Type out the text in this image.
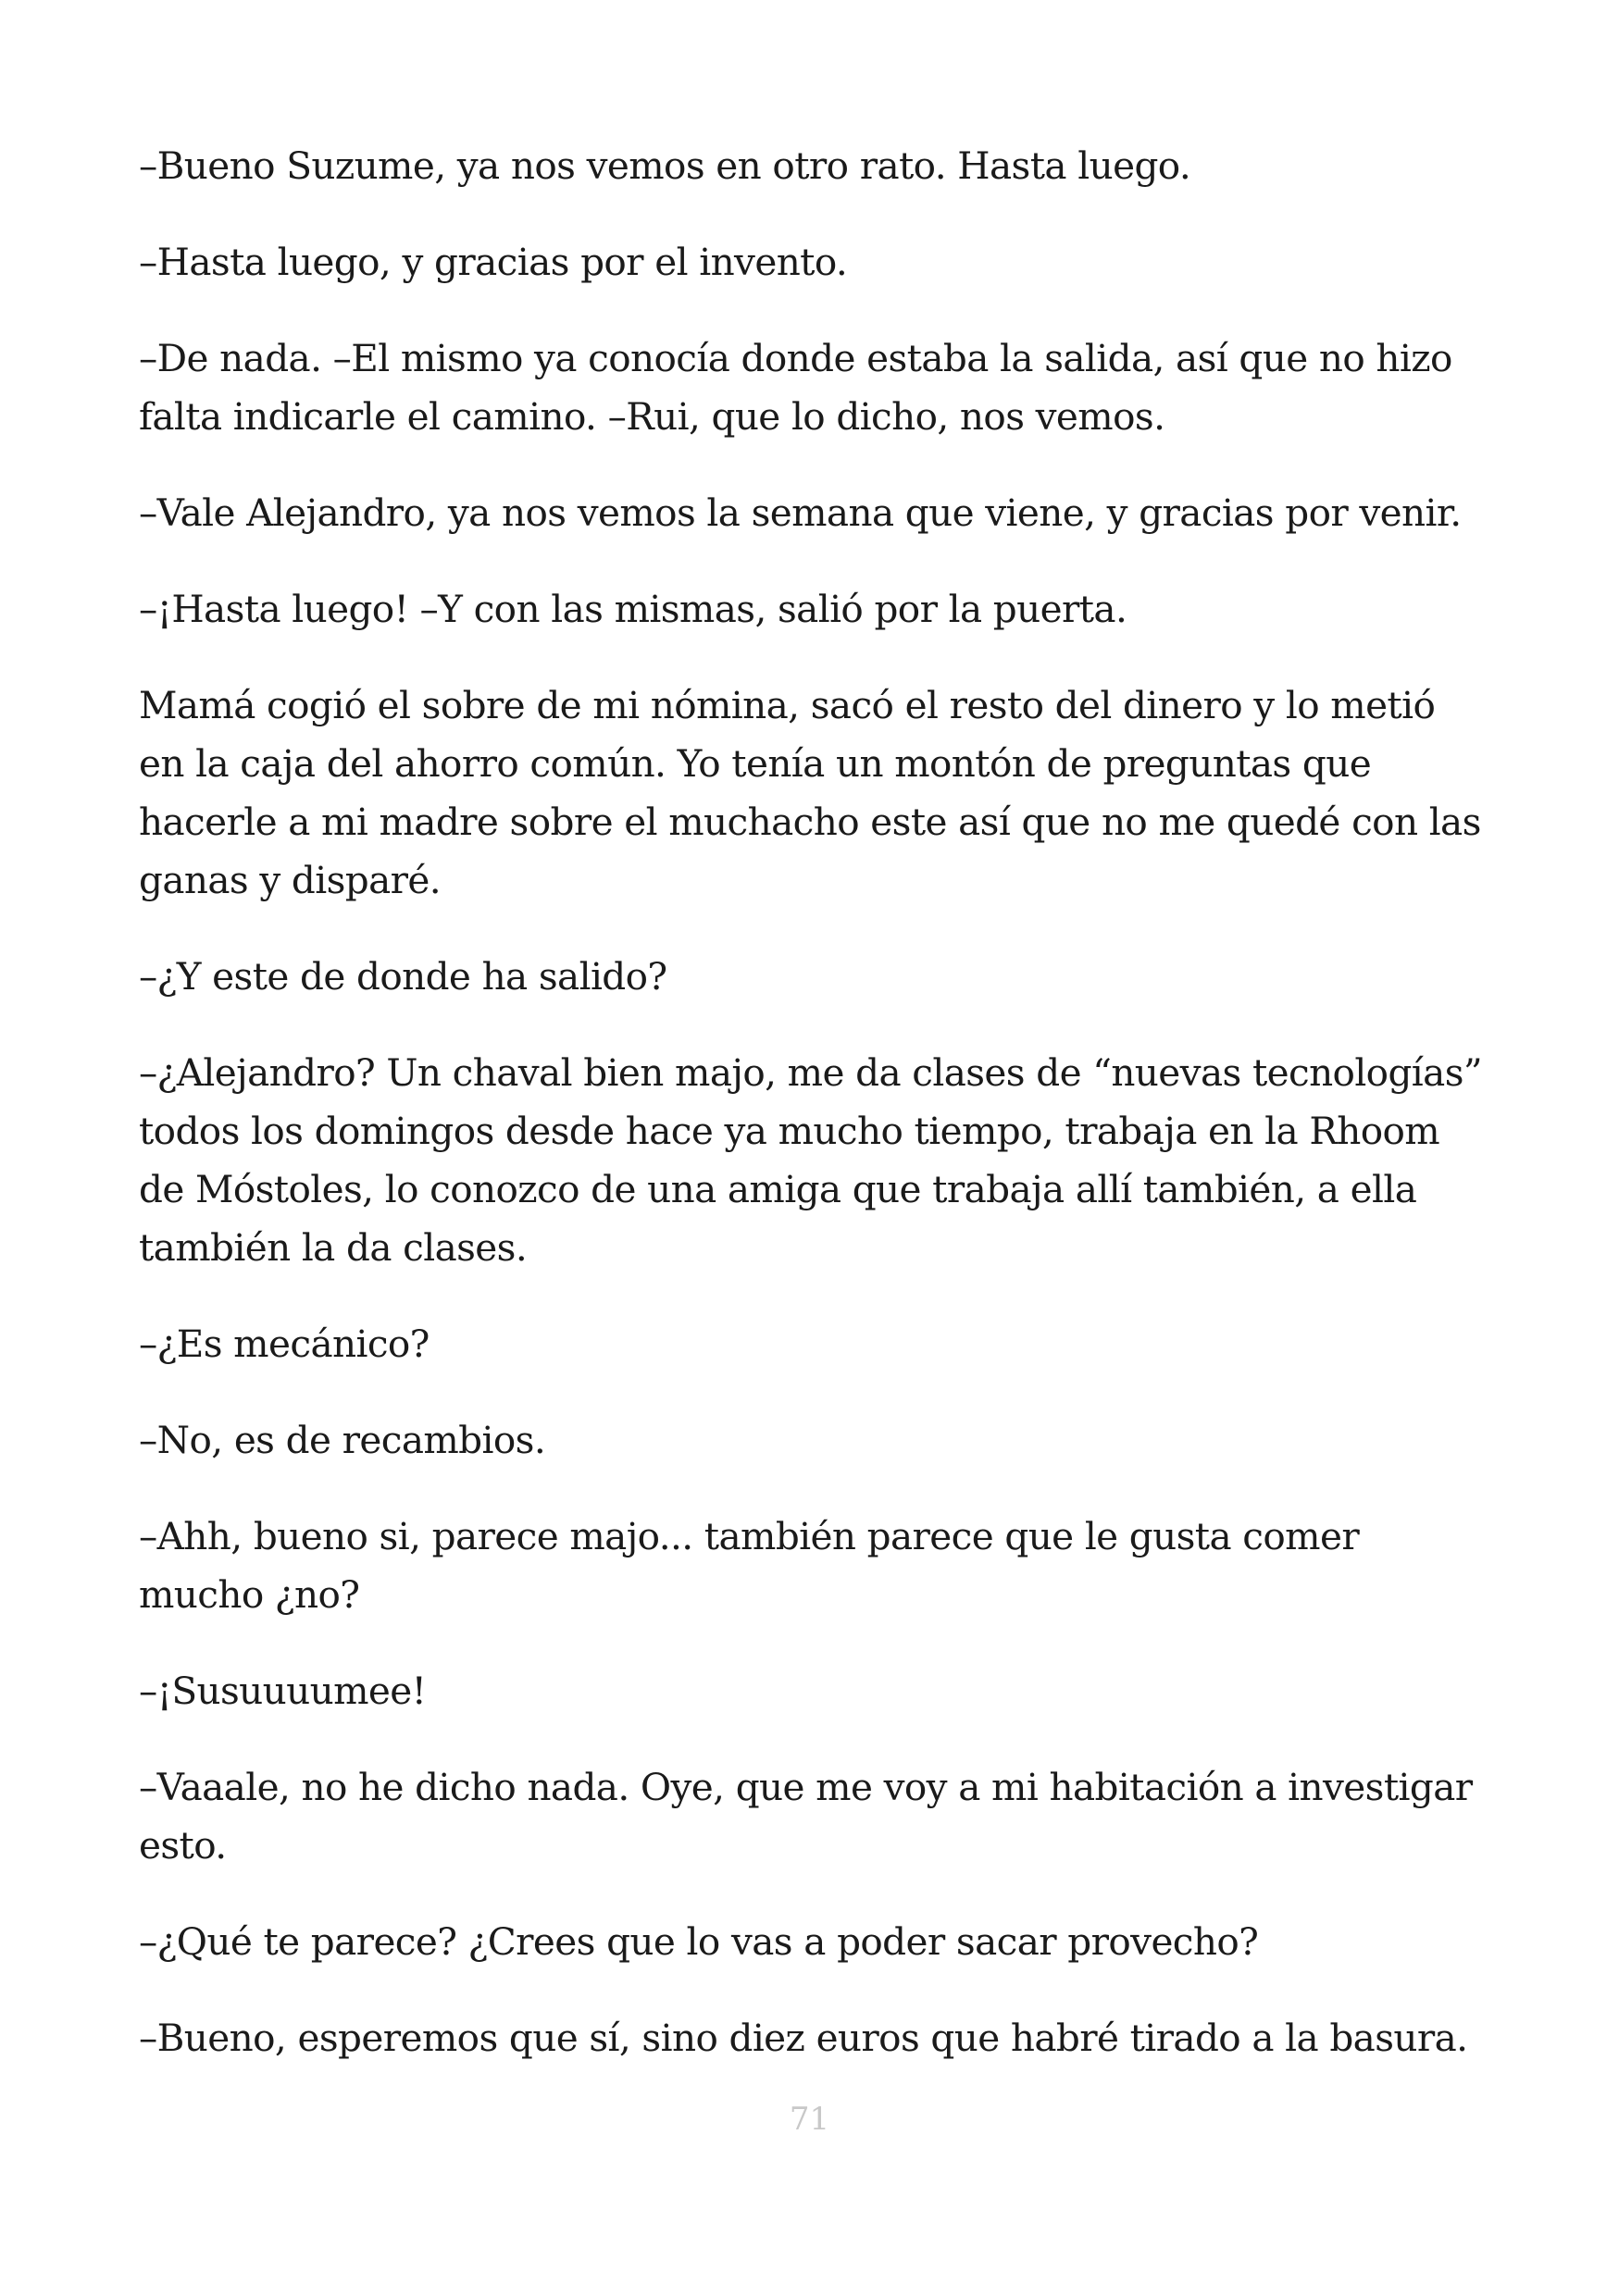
–Bueno Suzume, ya nos vemos en otro rato. Hasta luego.

–Hasta luego, y gracias por el invento.

–De nada. –El mismo ya conocía donde estaba la salida, así que no hizo falta indicarle el camino. –Rui, que lo dicho, nos vemos.

–Vale Alejandro, ya nos vemos la semana que viene, y gracias por venir.

–¡Hasta luego! –Y con las mismas, salió por la puerta.

Mamá cogió el sobre de mi nómina, sacó el resto del dinero y lo metió en la caja del ahorro común. Yo tenía un montón de preguntas que hacerle a mi madre sobre el muchacho este así que no me quedé con las ganas y disparé.

–¿Y este de donde ha salido?

–¿Alejandro? Un chaval bien majo, me da clases de “nuevas tecnologías” todos los domingos desde hace ya mucho tiempo, trabaja en la Rhoom de Móstoles, lo conozco de una amiga que trabaja allí también, a ella también la da clases.

–¿Es mecánico?

–No, es de recambios.

–Ahh, bueno si, parece majo... también parece que le gusta comer mucho ¿no?

–¡Susuuuumee!

–Vaaale, no he dicho nada. Oye, que me voy a mi habitación a investigar esto.

–¿Qué te parece? ¿Crees que lo vas a poder sacar provecho?

–Bueno, esperemos que sí, sino diez euros que habré tirado a la basura.

71
